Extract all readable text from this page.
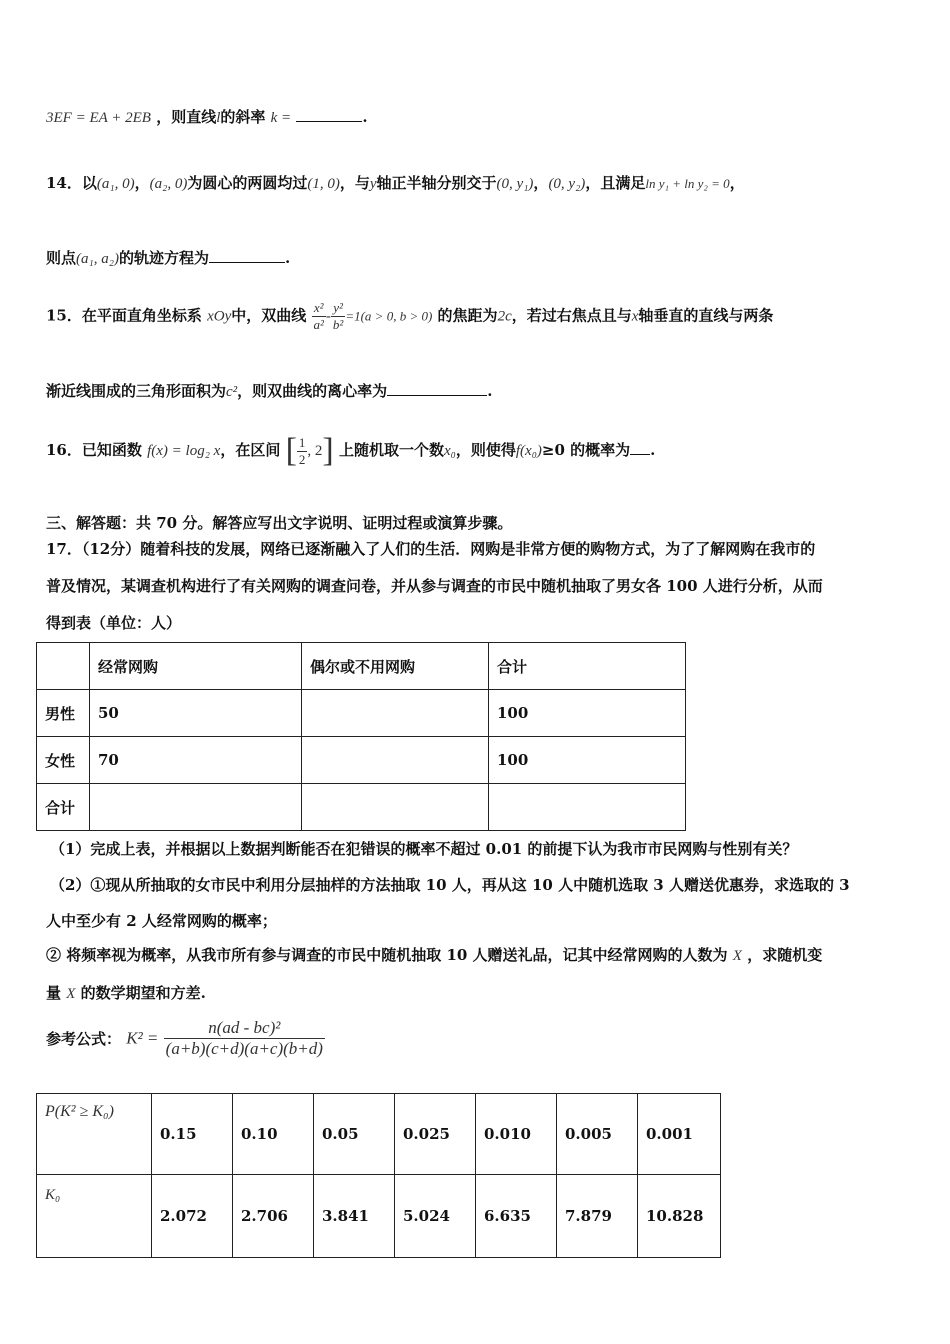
3EF = EA + 2EB ，则直线l的斜率 k =	.
14．以(a₁, 0)，(a₂, 0)为圆心的两圆均过(1, 0)，与y轴正半轴分别交于(0, y₁)，(0, y₂)，且满足ln y₁ + ln y₂ = 0，
则点(a₁, a₂)的轨迹方程为	.
15．在平面直角坐标系 xOy中，双曲线 $\frac{\text{x²}}{\text{a²}} - \frac{\text{y²}}{\text{b²}} =1(a > 0$, b > 0) 的焦距为2c，若过右焦点且与x轴垂直的直线与两条
渐近线围成的三角形面积为c²，则双曲线的离心率为	.
16．已知函数 f(x) = log₂ x，在区间 [ $\frac{1}{2}$ , 2] 上随机取一个数x₀，则使得f(x₀)≥0 的概率为 .
三、解答题：共 70 分。解答应写出文字说明、证明过程或演算步骤。
17．（12分）随着科技的发展，网络已逐渐融入了人们的生活．网购是非常方便的购物方式，为了了解网购在我市的
普及情况，某调查机构进行了有关网购的调查问卷，并从参与调查的市民中随机抽取了男女各 100 人进行分析，从而
得到表（单位：人）
	经常网购	偶尔或不用网购	合计
男性	50		100
女性	70		100
合计			
（1）完成上表，并根据以上数据判断能否在犯错误的概率不超过 0.01 的前提下认为我市市民网购与性别有关？
（2）①现从所抽取的女市民中利用分层抽样的方法抽取 10 人，再从这 10 人中随机选取 3 人赠送优惠券，求选取的 3
人中至少有 2 人经常网购的概率；
② 将频率视为概率，从我市所有参与调查的市民中随机抽取 10 人赠送礼品，记其中经常网购的人数为 X ，求随机变
量 X 的数学期望和方差.
参考公式： $K^2 = \frac{\text{n(ad - bc)²}}{(a+b)(c+d)(a+c)(b+d)}$
P(K² ≥ K₀)	0.15	0.10	0.05	0.025	0.010	0.005	0.001
K₀	2.072	2.706	3.841	5.024	6.635	7.879	10.828
